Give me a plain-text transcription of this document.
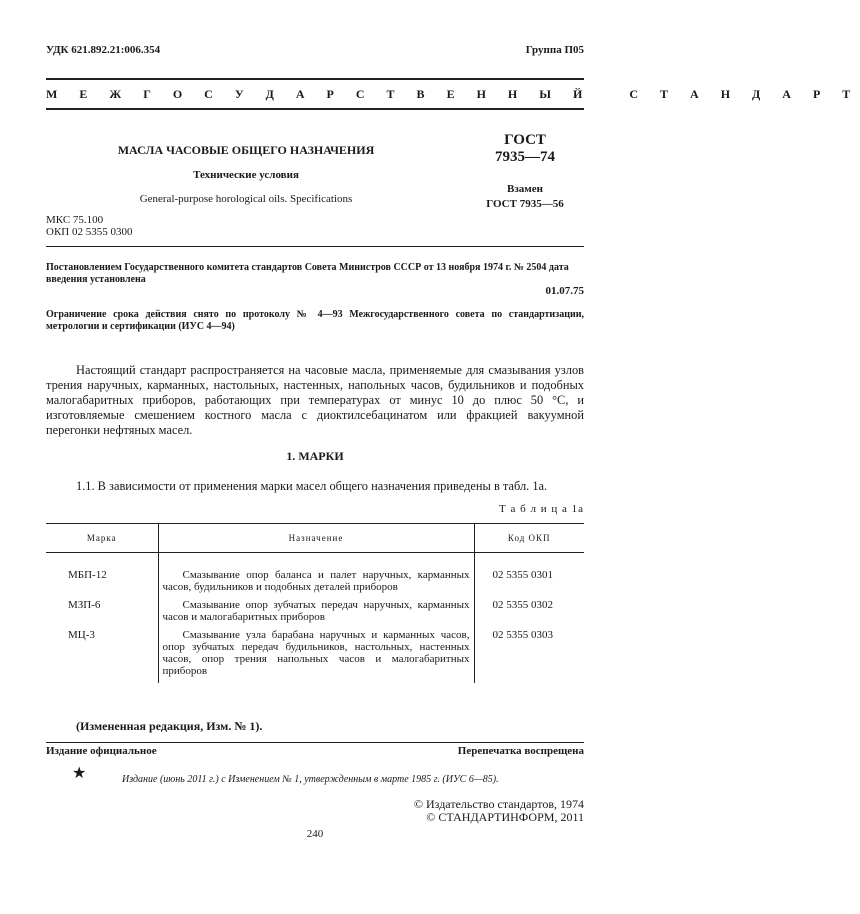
УДК 621.892.21:006.354	Группа П05
М Е Ж Г О С У Д А Р С Т В Е Н Н Ы Й   С Т А Н Д А Р Т
МАСЛА ЧАСОВЫЕ ОБЩЕГО НАЗНАЧЕНИЯ
Технические условия
General-purpose horological oils. Specifications
ГОСТ
7935—74
Взамен
ГОСТ 7935—56
МКС 75.100
ОКП 02 5355 0300
Постановлением Государственного комитета стандартов Совета Министров СССР от 13 ноября 1974 г. № 2504 дата введения установлена
01.07.75
Ограничение срока действия снято по протоколу № 4—93 Межгосударственного совета по стандартизации, метрологии и сертификации (ИУС 4—94)
Настоящий стандарт распространяется на часовые масла, применяемые для смазывания узлов трения наручных, карманных, настольных, настенных, напольных часов, будильников и подобных малогабаритных приборов, работающих при температурах от минус 10 до плюс 50 °С, и изготовляемые смешением костного масла с диоктилсебацинатом или фракцией вакуумной перегонки нефтяных масел.
1. МАРКИ
1.1. В зависимости от применения марки масел общего назначения приведены в табл. 1а.
Т а б л и ц а 1а
Марка	Назначение	Код ОКП

МБП-12	Смазывание опор баланса и палет наручных, карманных часов, будильников и подобных деталей приборов	02 5355 0301
МЗП-6	Смазывание опор зубчатых передач наручных, карманных часов и малогабаритных приборов	02 5355 0302
МЦ-3	Смазывание узла барабана наручных и карманных часов, опор зубчатых передач будильников, настольных, настенных часов, опор трения напольных часов и малогабаритных приборов	02 5355 0303
(Измененная редакция, Изм. № 1).
Издание официальное	Перепечатка воспрещена
★	Издание (июнь 2011 г.) с Изменением № 1, утвержденным в марте 1985 г. (ИУС 6—85).
© Издательство стандартов, 1974
© СТАНДАРТИНФОРМ, 2011
240
